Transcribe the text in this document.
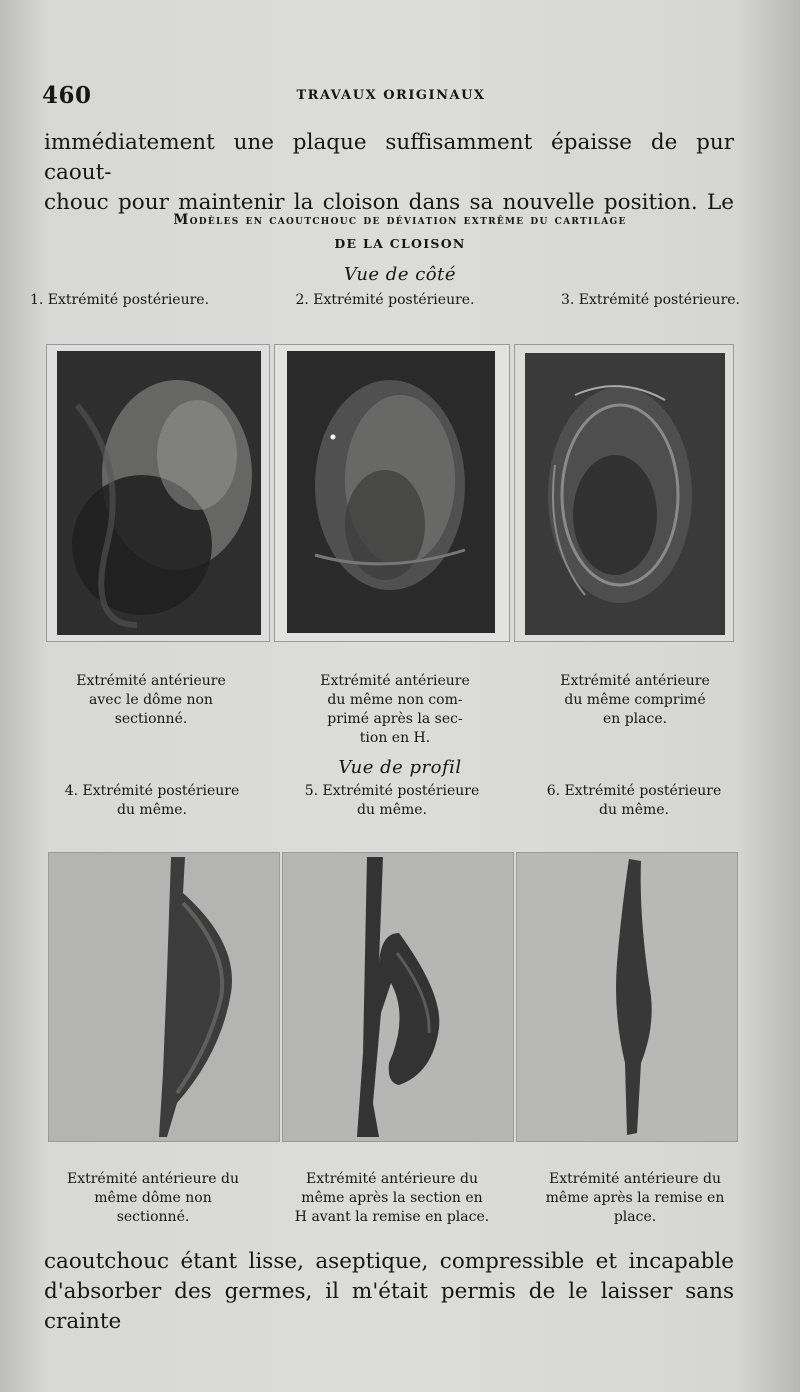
460	TRAVAUX ORIGINAUX
immédiatement une plaque suffisamment épaisse de pur caout-
chouc pour maintenir la cloison dans sa nouvelle position. Le
Modèles en caoutchouc de déviation extrême du cartilage
DE LA CLOISON
Vue de côté
1. Extrémité postérieure.	2. Extrémité postérieure.	3. Extrémité postérieure.
Extrémité antérieure
avec le dôme non
sectionné.
Extrémité antérieure
du même non com-
primé après la sec-
tion en H.
Extrémité antérieure
du même comprimé
en place.
Vue de profil
4. Extrémité postérieure
du même.
5. Extrémité postérieure
du même.
6. Extrémité postérieure
du même.
Extrémité antérieure du
même dôme non
sectionné.
Extrémité antérieure du
même après la section en
H avant la remise en place.
Extrémité antérieure du
même après la remise en
place.
caoutchouc étant lisse, aseptique, compressible et incapable
d'absorber des germes, il m'était permis de le laisser sans crainte
